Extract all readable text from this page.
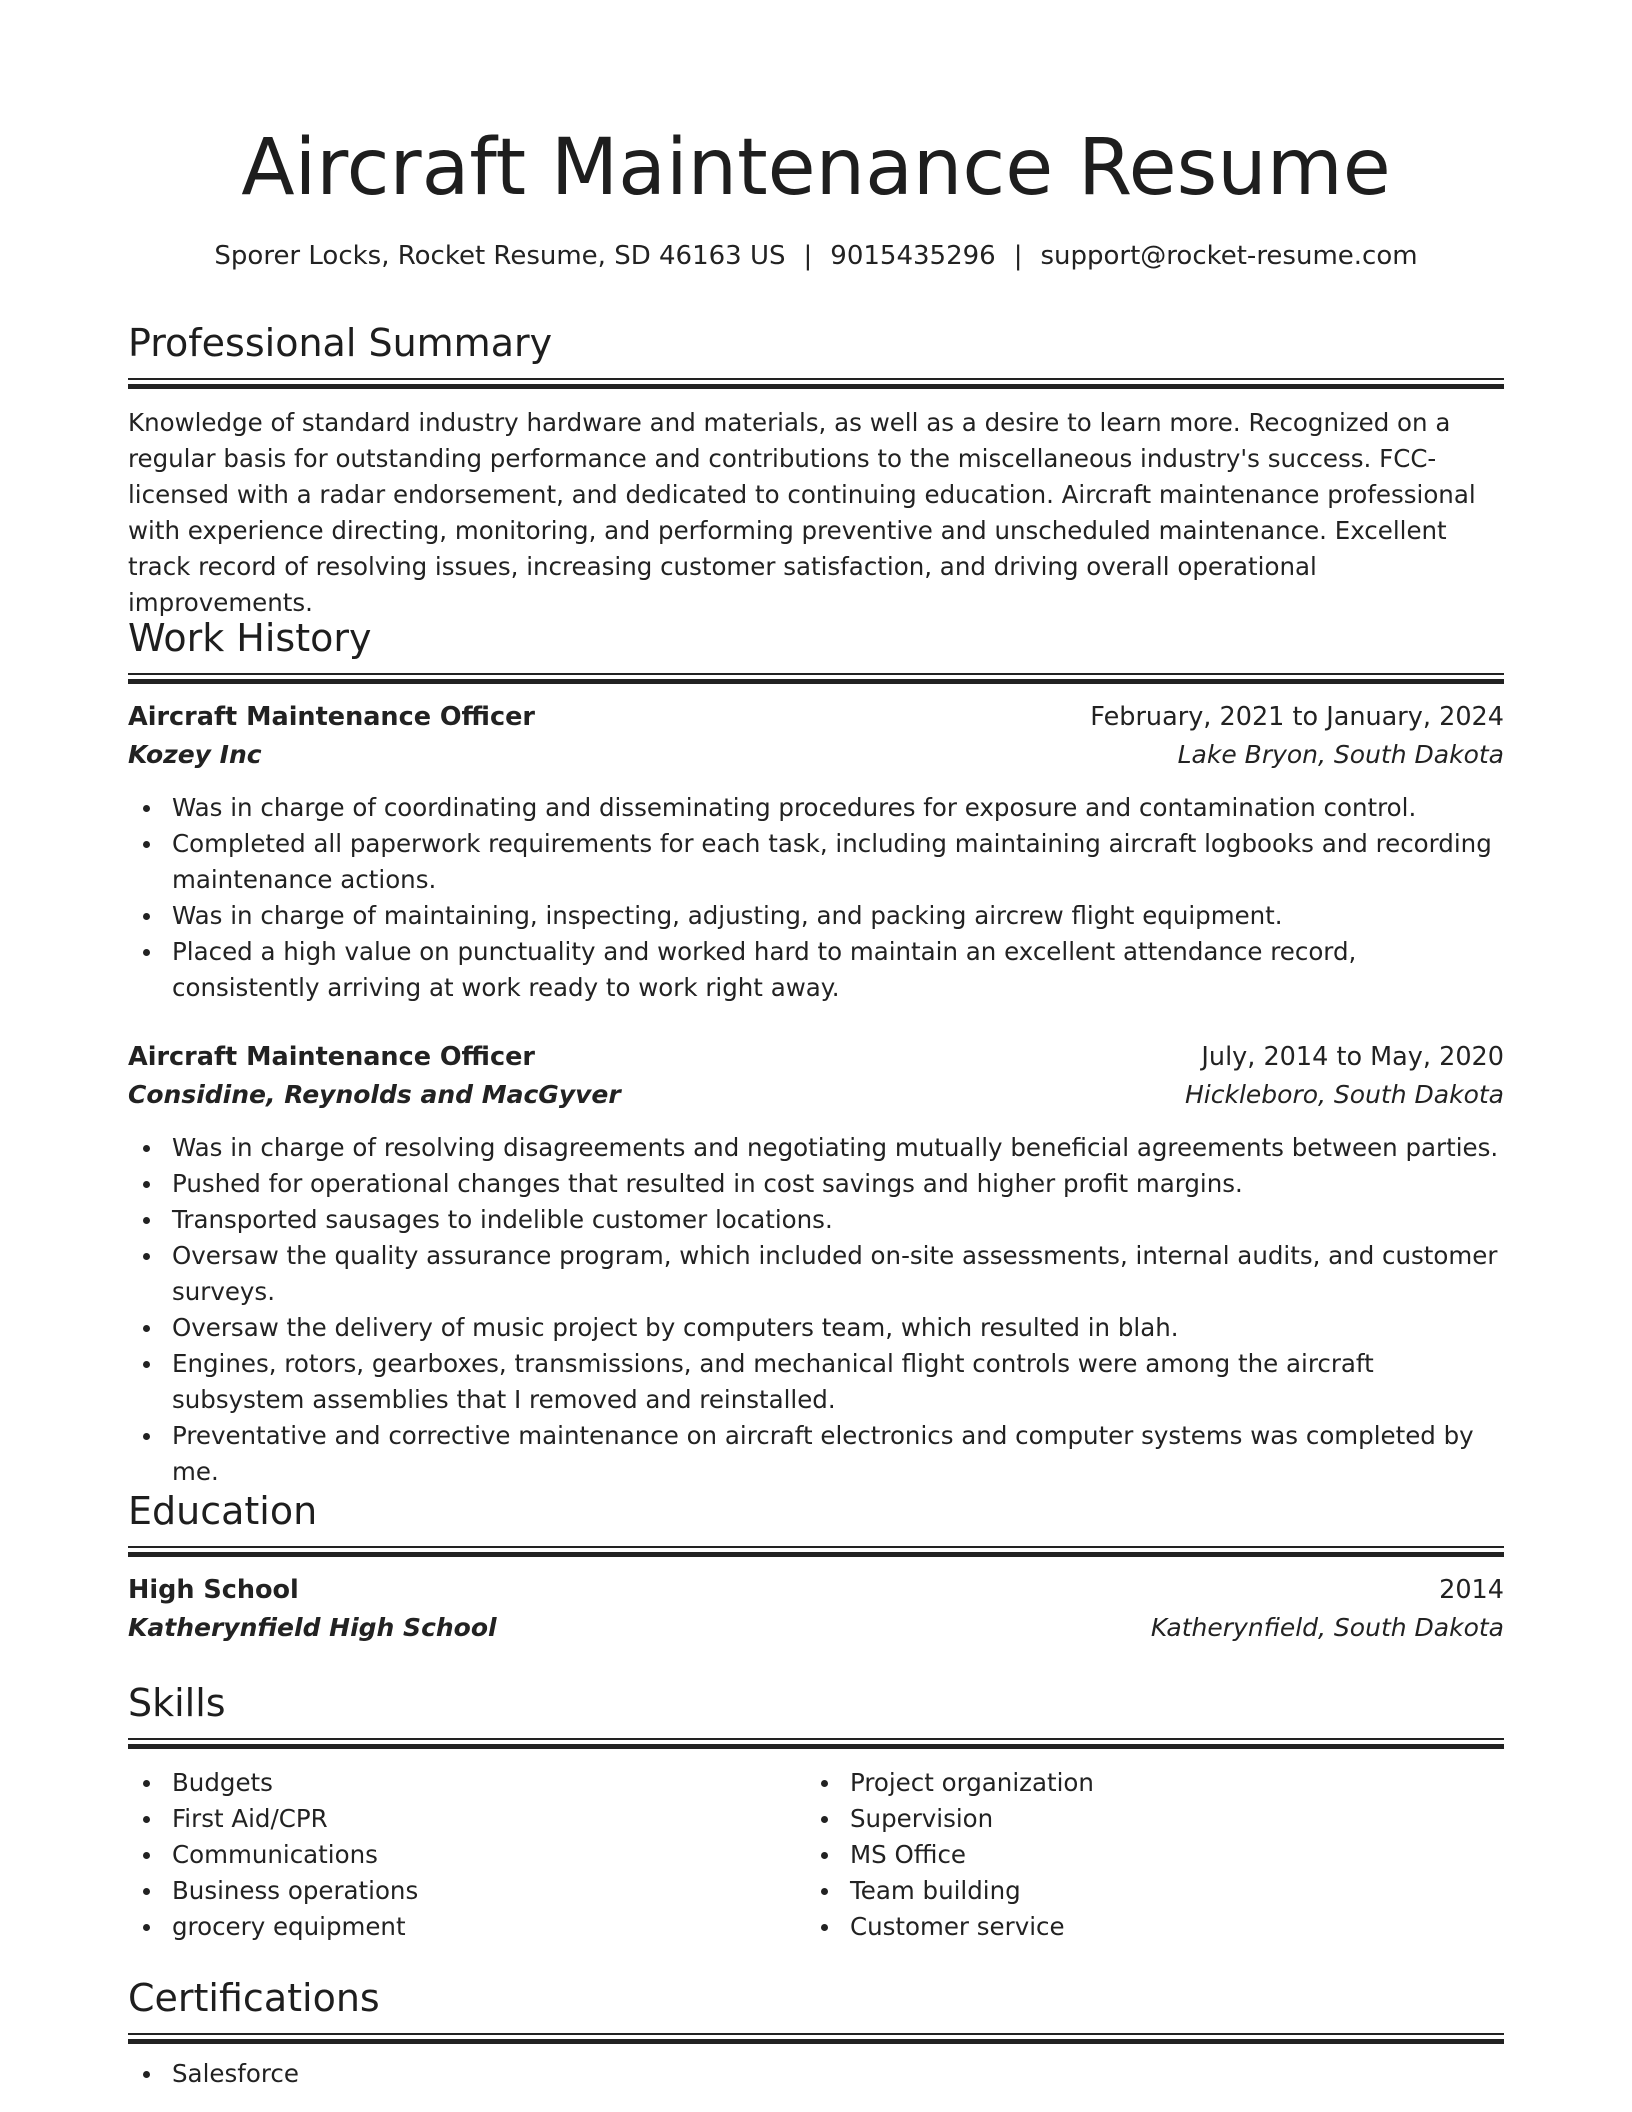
Aircraft Maintenance Resume
Sporer Locks, Rocket Resume, SD 46163 US | 9015435296 | support@rocket-resume.com
Professional Summary

Knowledge of standard industry hardware and materials, as well as a desire to learn more. Recognized on a regular basis for outstanding performance and contributions to the miscellaneous industry's success. FCC-licensed with a radar endorsement, and dedicated to continuing education. Aircraft maintenance professional with experience directing, monitoring, and performing preventive and unscheduled maintenance. Excellent track record of resolving issues, increasing customer satisfaction, and driving overall operational improvements.

Work History
Aircraft Maintenance Officer	February, 2021 to January, 2024
Kozey Inc	Lake Bryon, South Dakota
Was in charge of coordinating and disseminating procedures for exposure and contamination control.
Completed all paperwork requirements for each task, including maintaining aircraft logbooks and recording maintenance actions.
Was in charge of maintaining, inspecting, adjusting, and packing aircrew flight equipment.
Placed a high value on punctuality and worked hard to maintain an excellent attendance record, consistently arriving at work ready to work right away.
Aircraft Maintenance Officer	July, 2014 to May, 2020
Considine, Reynolds and MacGyver	Hickleboro, South Dakota
Was in charge of resolving disagreements and negotiating mutually beneficial agreements between parties.
Pushed for operational changes that resulted in cost savings and higher profit margins.
Transported sausages to indelible customer locations.
Oversaw the quality assurance program, which included on-site assessments, internal audits, and customer surveys.
Oversaw the delivery of music project by computers team, which resulted in blah.
Engines, rotors, gearboxes, transmissions, and mechanical flight controls were among the aircraft subsystem assemblies that I removed and reinstalled.
Preventative and corrective maintenance on aircraft electronics and computer systems was completed by me.
Education
High School	2014
Katherynfield High School	Katherynfield, South Dakota
Skills
Budgets
First Aid/CPR
Communications
Business operations
grocery equipment
Project organization
Supervision
MS Office
Team building
Customer service
Certifications
Salesforce
